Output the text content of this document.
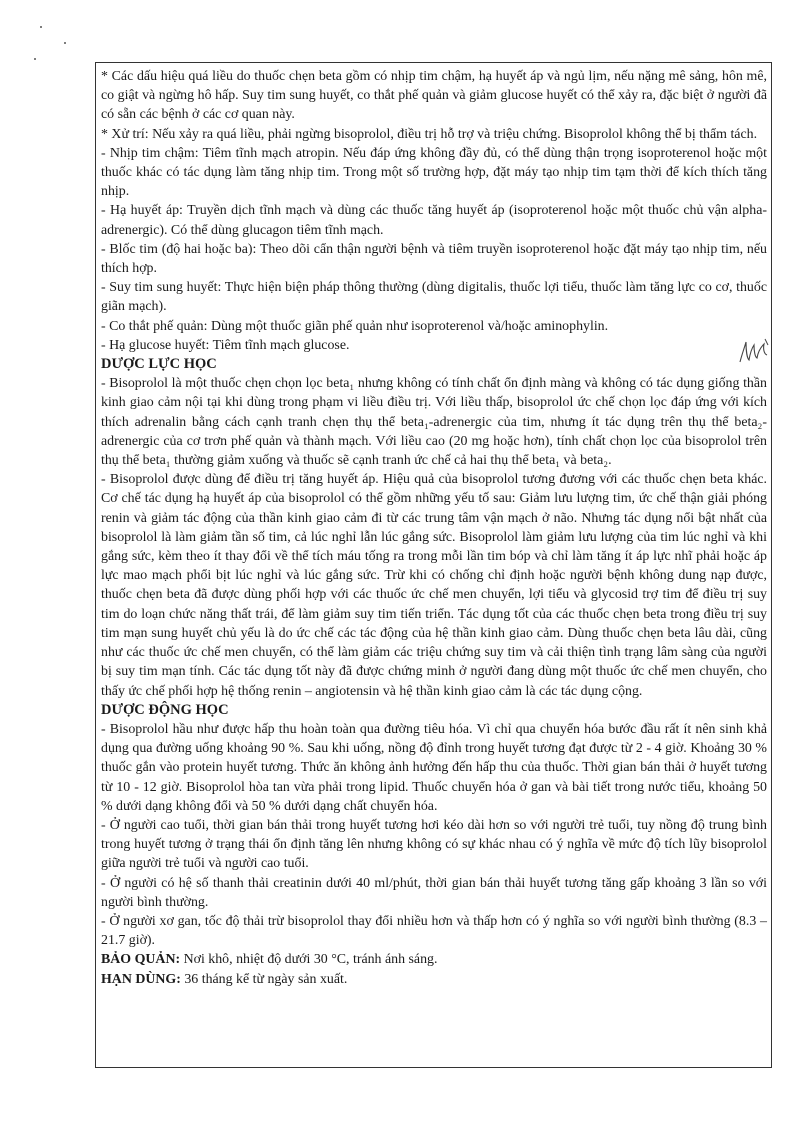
* Các dấu hiệu quá liều do thuốc chẹn beta gồm có nhịp tim chậm, hạ huyết áp và ngủ lịm, nếu nặng mê sảng, hôn mê, co giật và ngừng hô hấp. Suy tim sung huyết, co thắt phế quản và giảm glucose huyết có thể xảy ra, đặc biệt ở người đã có sẵn các bệnh ở các cơ quan này.

* Xử trí: Nếu xảy ra quá liều, phải ngừng bisoprolol, điều trị hỗ trợ và triệu chứng. Bisoprolol không thể bị thẩm tách.

- Nhịp tim chậm: Tiêm tĩnh mạch atropin. Nếu đáp ứng không đầy đủ, có thể dùng thận trọng isoproterenol hoặc một thuốc khác có tác dụng làm tăng nhịp tim. Trong một số trường hợp, đặt máy tạo nhịp tim tạm thời để kích thích tăng nhịp.

- Hạ huyết áp: Truyền dịch tĩnh mạch và dùng các thuốc tăng huyết áp (isoproterenol hoặc một thuốc chủ vận alpha-adrenergic). Có thể dùng glucagon tiêm tĩnh mạch.

- Blốc tim (độ hai hoặc ba): Theo dõi cẩn thận người bệnh và tiêm truyền isoproterenol hoặc đặt máy tạo nhịp tim, nếu thích hợp.

- Suy tim sung huyết: Thực hiện biện pháp thông thường (dùng digitalis, thuốc lợi tiểu, thuốc làm tăng lực co cơ, thuốc giãn mạch).

- Co thắt phế quản: Dùng một thuốc giãn phế quản như isoproterenol và/hoặc aminophylin.

- Hạ glucose huyết: Tiêm tĩnh mạch glucose.

DƯỢC LỰC HỌC

- Bisoprolol là một thuốc chẹn chọn lọc beta₁ nhưng không có tính chất ổn định màng và không có tác dụng giống thần kinh giao cảm nội tại khi dùng trong phạm vi liều điều trị. Với liều thấp, bisoprolol ức chế chọn lọc đáp ứng với kích thích adrenalin bằng cách cạnh tranh chẹn thụ thể beta₁-adrenergic của tim, nhưng ít tác dụng trên thụ thể beta₂-adrenergic của cơ trơn phế quản và thành mạch. Với liều cao (20 mg hoặc hơn), tính chất chọn lọc của bisoprolol trên thụ thể beta₁ thường giảm xuống và thuốc sẽ cạnh tranh ức chế cả hai thụ thể beta₁ và beta₂.

- Bisoprolol được dùng để điều trị tăng huyết áp. Hiệu quả của bisoprolol tương đương với các thuốc chẹn beta khác. Cơ chế tác dụng hạ huyết áp của bisoprolol có thể gồm những yếu tố sau: Giảm lưu lượng tim, ức chế thận giải phóng renin và giảm tác động của thần kinh giao cảm đi từ các trung tâm vận mạch ở não. Nhưng tác dụng nổi bật nhất của bisoprolol là làm giảm tần số tim, cả lúc nghỉ lẫn lúc gắng sức. Bisoprolol làm giảm lưu lượng của tim lúc nghỉ và khi gắng sức, kèm theo ít thay đổi về thể tích máu tống ra trong mỗi lần tim bóp và chỉ làm tăng ít áp lực nhĩ phải hoặc áp lực mao mạch phổi bịt lúc nghỉ và lúc gắng sức. Trừ khi có chống chỉ định hoặc người bệnh không dung nạp được, thuốc chẹn beta đã được dùng phối hợp với các thuốc ức chế men chuyển, lợi tiểu và glycosid trợ tim để điều trị suy tim do loạn chức năng thất trái, để làm giảm suy tim tiến triển. Tác dụng tốt của các thuốc chẹn beta trong điều trị suy tim mạn sung huyết chủ yếu là do ức chế các tác động của hệ thần kinh giao cảm. Dùng thuốc chẹn beta lâu dài, cũng như các thuốc ức chế men chuyển, có thể làm giảm các triệu chứng suy tim và cải thiện tình trạng lâm sàng của người bị suy tim mạn tính. Các tác dụng tốt này đã được chứng minh ở người đang dùng một thuốc ức chế men chuyển, cho thấy ức chế phối hợp hệ thống renin – angiotensin và hệ thần kinh giao cảm là các tác dụng cộng.

DƯỢC ĐỘNG HỌC

- Bisoprolol hầu như được hấp thu hoàn toàn qua đường tiêu hóa. Vì chỉ qua chuyển hóa bước đầu rất ít nên sinh khả dụng qua đường uống khoảng 90 %. Sau khi uống, nồng độ đỉnh trong huyết tương đạt được từ 2 - 4 giờ. Khoảng 30 % thuốc gắn vào protein huyết tương. Thức ăn không ảnh hưởng đến hấp thu của thuốc. Thời gian bán thải ở huyết tương từ 10 - 12 giờ. Bisoprolol hòa tan vừa phải trong lipid. Thuốc chuyển hóa ở gan và bài tiết trong nước tiểu, khoảng 50 % dưới dạng không đổi và 50 % dưới dạng chất chuyển hóa.

- Ở người cao tuổi, thời gian bán thải trong huyết tương hơi kéo dài hơn so với người trẻ tuổi, tuy nồng độ trung bình trong huyết tương ở trạng thái ổn định tăng lên nhưng không có sự khác nhau có ý nghĩa về mức độ tích lũy bisoprolol giữa người trẻ tuổi và người cao tuổi.

- Ở người có hệ số thanh thải creatinin dưới 40 ml/phút, thời gian bán thải huyết tương tăng gấp khoảng 3 lần so với người bình thường.

- Ở người xơ gan, tốc độ thải trừ bisoprolol thay đổi nhiều hơn và thấp hơn có ý nghĩa so với người bình thường (8.3 – 21.7 giờ).

BẢO QUẢN: Nơi khô, nhiệt độ dưới 30 °C, tránh ánh sáng.

HẠN DÙNG: 36 tháng kể từ ngày sản xuất.
